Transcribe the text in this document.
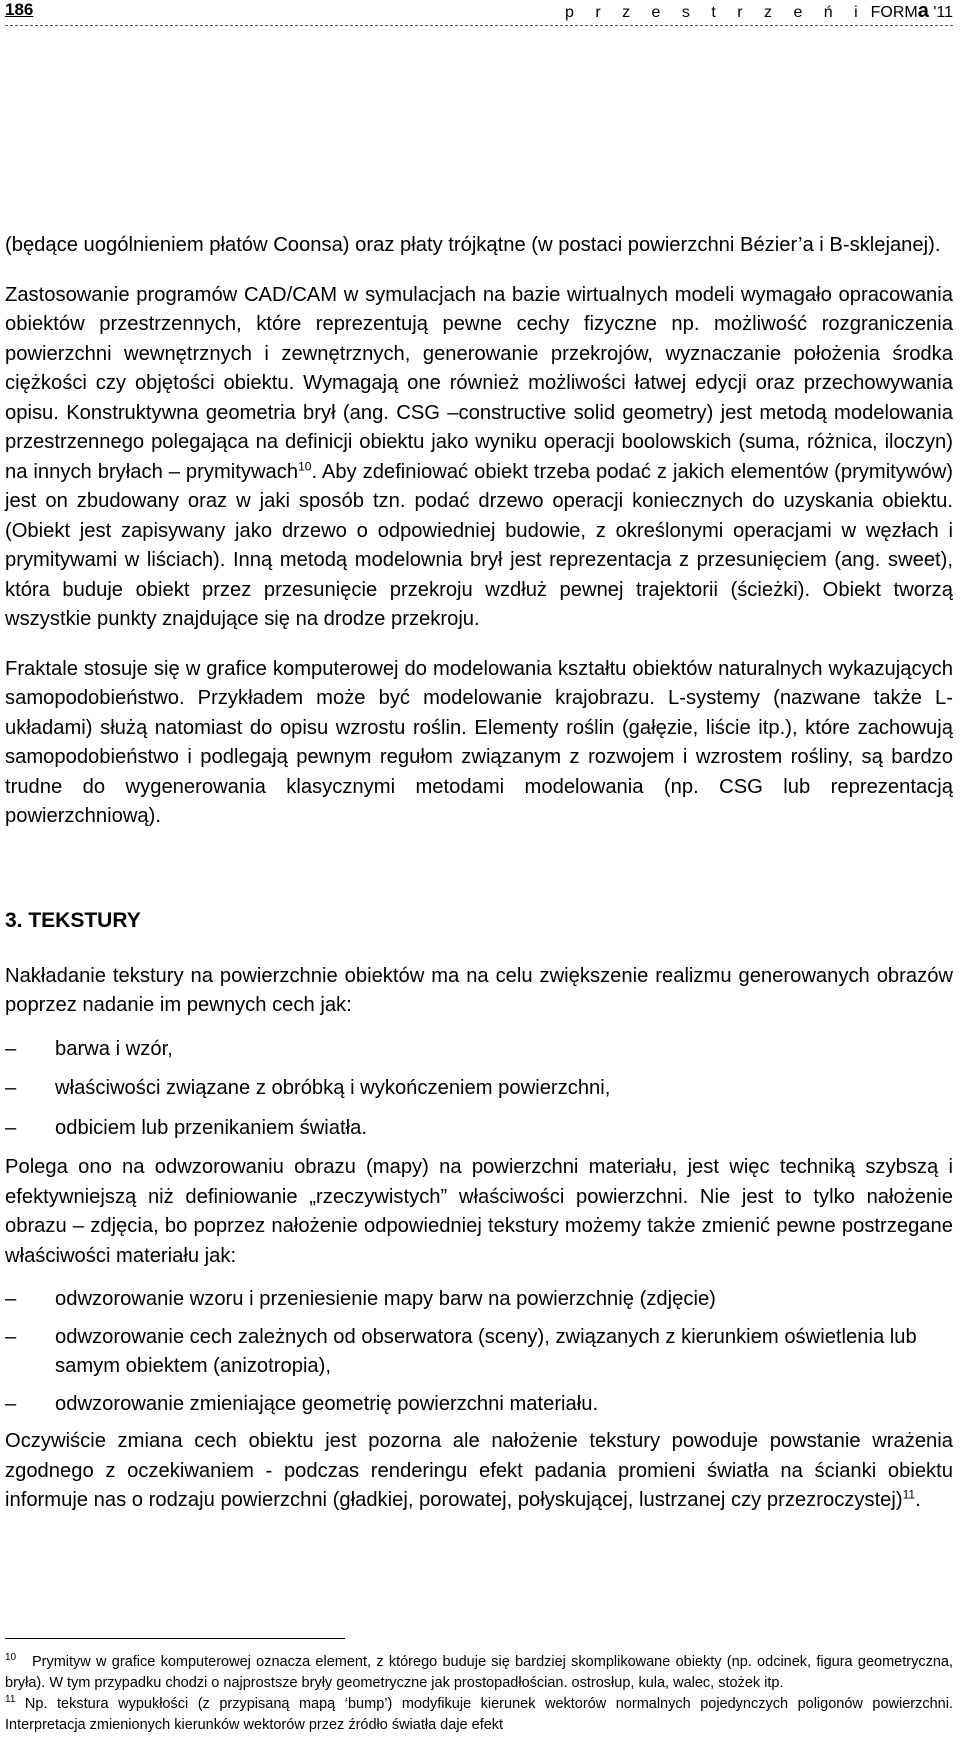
186	p r z e s t r z e ń i FORMa '11

(będące uogólnieniem płatów Coonsa) oraz płaty trójkątne (w postaci powierzchni Bézier’a i B-sklejanej).

Zastosowanie programów CAD/CAM w symulacjach na bazie wirtualnych modeli wymagało opracowania obiektów przestrzennych, które reprezentują pewne cechy fizyczne np. możliwość rozgraniczenia powierzchni wewnętrznych i zewnętrznych, generowanie przekrojów, wyznaczanie położenia środka ciężkości czy objętości obiektu. Wymagają one również możliwości łatwej edycji oraz przechowywania opisu. Konstruktywna geometria brył (ang. CSG –constructive solid geometry) jest metodą modelowania przestrzennego polegająca na definicji obiektu jako wyniku operacji boolowskich (suma, różnica, iloczyn) na innych bryłach – prymitywach$^{10}$. Aby zdefiniować obiekt trzeba podać z jakich elementów (prymitywów) jest on zbudowany oraz w jaki sposób tzn. podać drzewo operacji koniecznych do uzyskania obiektu. (Obiekt jest zapisywany jako drzewo o odpowiedniej budowie, z określonymi operacjami w węzłach i prymitywami w liściach). Inną metodą modelownia brył jest reprezentacja z przesunięciem (ang. sweet), która buduje obiekt przez przesunięcie przekroju wzdłuż pewnej trajektorii (ścieżki). Obiekt tworzą wszystkie punkty znajdujące się na drodze przekroju.

Fraktale stosuje się w grafice komputerowej do modelowania kształtu obiektów naturalnych wykazujących samopodobieństwo. Przykładem może być modelowanie krajobrazu. L-systemy (nazwane także L-układami) służą natomiast do opisu wzrostu roślin. Elementy roślin (gałęzie, liście itp.), które zachowują samopodobieństwo i podlegają pewnym regułom związanym z rozwojem i wzrostem rośliny, są bardzo trudne do wygenerowania klasycznymi metodami modelowania (np. CSG lub reprezentacją powierzchniową).

3. TEKSTURY

Nakładanie tekstury na powierzchnie obiektów ma na celu zwiększenie realizmu generowanych obrazów poprzez nadanie im pewnych cech jak:

– barwa i wzór,
– właściwości związane z obróbką i wykończeniem powierzchni,
– odbiciem lub przenikaniem światła.

Polega ono na odwzorowaniu obrazu (mapy) na powierzchni materiału, jest więc techniką szybszą i efektywniejszą niż definiowanie „rzeczywistych” właściwości powierzchni. Nie jest to tylko nałożenie obrazu – zdjęcia, bo poprzez nałożenie odpowiedniej tekstury możemy także zmienić pewne postrzegane właściwości materiału jak:

– odwzorowanie wzoru i przeniesienie mapy barw na powierzchnię (zdjęcie)
– odwzorowanie cech zależnych od obserwatora (sceny), związanych z kierunkiem oświetlenia lub samym obiektem (anizotropia),
– odwzorowanie zmieniające geometrię powierzchni materiału.

Oczywiście zmiana cech obiektu jest pozorna ale nałożenie tekstury powoduje powstanie wrażenia zgodnego z oczekiwaniem - podczas renderingu efekt padania promieni światła na ścianki obiektu informuje nas o rodzaju powierzchni (gładkiej, porowatej, połyskującej, lustrzanej czy przezroczystej)$^{11}$.

$^{10}$ Prymityw w grafice komputerowej oznacza element, z którego buduje się bardziej skomplikowane obiekty (np. odcinek, figura geometryczna, bryła). W tym przypadku chodzi o najprostsze bryły geometryczne jak prostopadłościan. ostrosłup, kula, walec, stożek itp.

$^{11}$ Np. tekstura wypukłości (z przypisaną mapą ‘bump’) modyfikuje kierunek wektorów normalnych pojedynczych poligonów powierzchni. Interpretacja zmienionych kierunków wektorów przez źródło światła daje efekt
